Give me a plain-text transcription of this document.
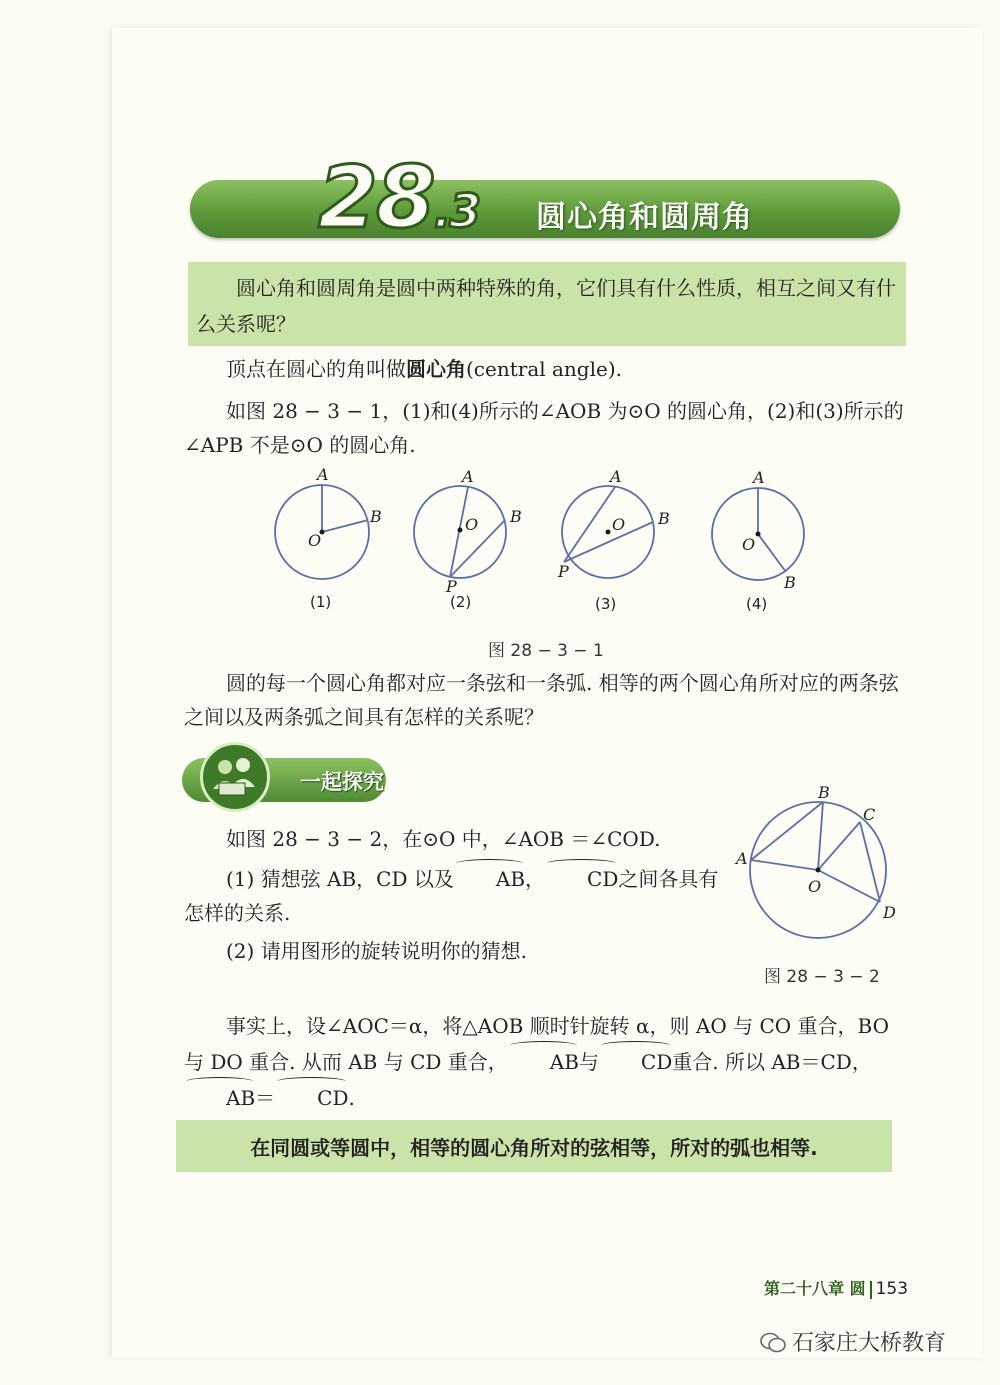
28.3 圆心角和圆周角
圆心角和圆周角是圆中两种特殊的角，它们具有什么性质，相互之间又有什么关系呢？
顶点在圆心的角叫做圆心角(central angle).
如图 28 − 3 − 1，(1)和(4)所示的∠AOB 为⊙O 的圆心角，(2)和(3)所示的∠APB 不是⊙O 的圆心角.
A
B
O
A
B
O
P
A
B
O
P
A
B
O
(1)	(2)	(3)	(4)
图 28 − 3 − 1
圆的每一个圆心角都对应一条弦和一条弧. 相等的两个圆心角所对应的两条弦之间以及两条弧之间具有怎样的关系呢？
一起探究
如图 28 − 3 − 2，在⊙O 中，∠AOB ＝∠COD.
(1) 猜想弦 AB，CD 以及 AB， CD之间各具有怎样的关系.
(2) 请用图形的旋转说明你的猜想.
A
B
C
D
O
图 28 − 3 − 2
事实上，设∠AOC＝α，将△AOB 顺时针旋转 α，则 AO 与 CO 重合，BO 与 DO 重合. 从而 AB 与 CD 重合， AB与 CD重合. 所以 AB＝CD，AB＝ CD.
在同圆或等圆中，相等的圆心角所对的弦相等，所对的弧也相等.
第二十八章 圆 153
石家庄大桥教育
